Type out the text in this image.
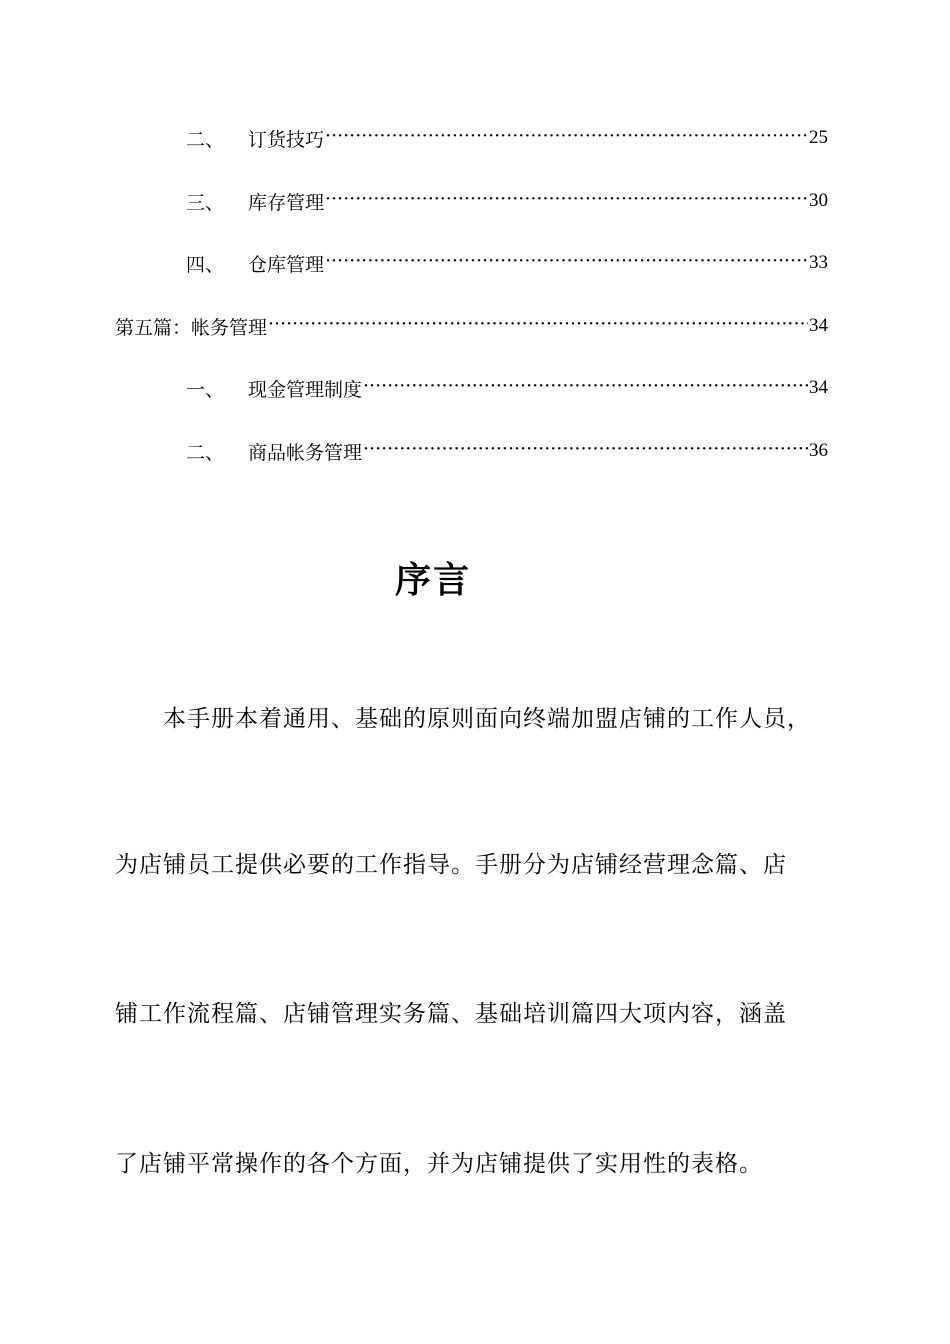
二、	订货技巧 ·····	25
三、	库存管理 ·····	30
四、	仓库管理 ·····	33
第五篇：帐务管理 ·····	34
一、	现金管理制度 ·····	34
二、	商品帐务管理 ·····	36
序言
本手册本着通用、基础的原则面向终端加盟店铺的工作人员，
为店铺员工提供必要的工作指导。手册分为店铺经营理念篇、店
铺工作流程篇、店铺管理实务篇、基础培训篇四大项内容，涵盖
了店铺平常操作的各个方面，并为店铺提供了实用性的表格。
